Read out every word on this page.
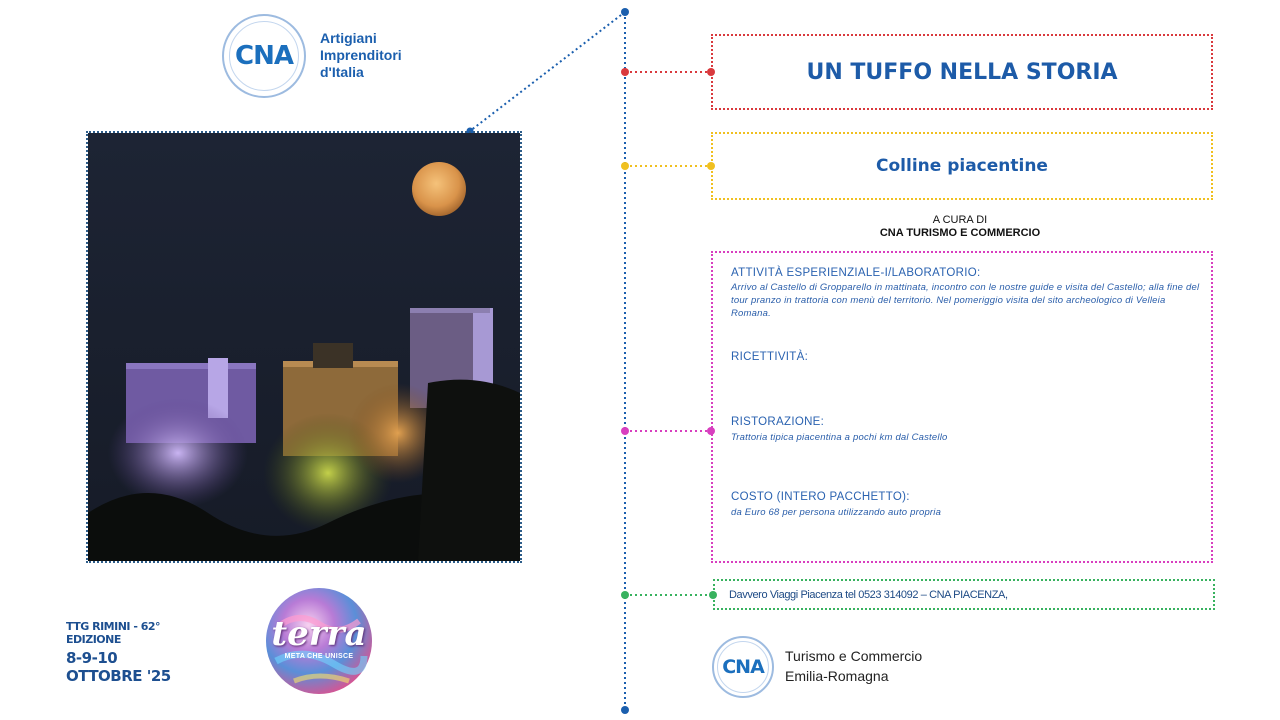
CNA
Artigiani
Imprenditori
d'Italia	UN TUFFO NELLA STORIA
Colline piacentine
A CURA DI
CNA TURISMO E COMMERCIO
ATTIVITÀ ESPERIENZIALE-I/LABORATORIO:
Arrivo al Castello di Gropparello in mattinata, incontro con le nostre guide e visita del Castello; alla fine del tour pranzo in trattoria con menù del territorio. Nel pomeriggio visita del sito archeologico di Velleia Romana.
RICETTIVITÀ:
RISTORAZIONE:
Trattoria tipica piacentina a pochi km dal Castello
COSTO (INTERO PACCHETTO):
da Euro 68 per persona utilizzando auto propria
Davvero Viaggi Piacenza tel 0523 314092 – CNA PIACENZA,
TTG RIMINI - 62° EDIZIONE
8-9-10 OTTOBRE '25
terra
META CHE UNISCE	CNA Turismo e Commercio
Emilia-Romagna
